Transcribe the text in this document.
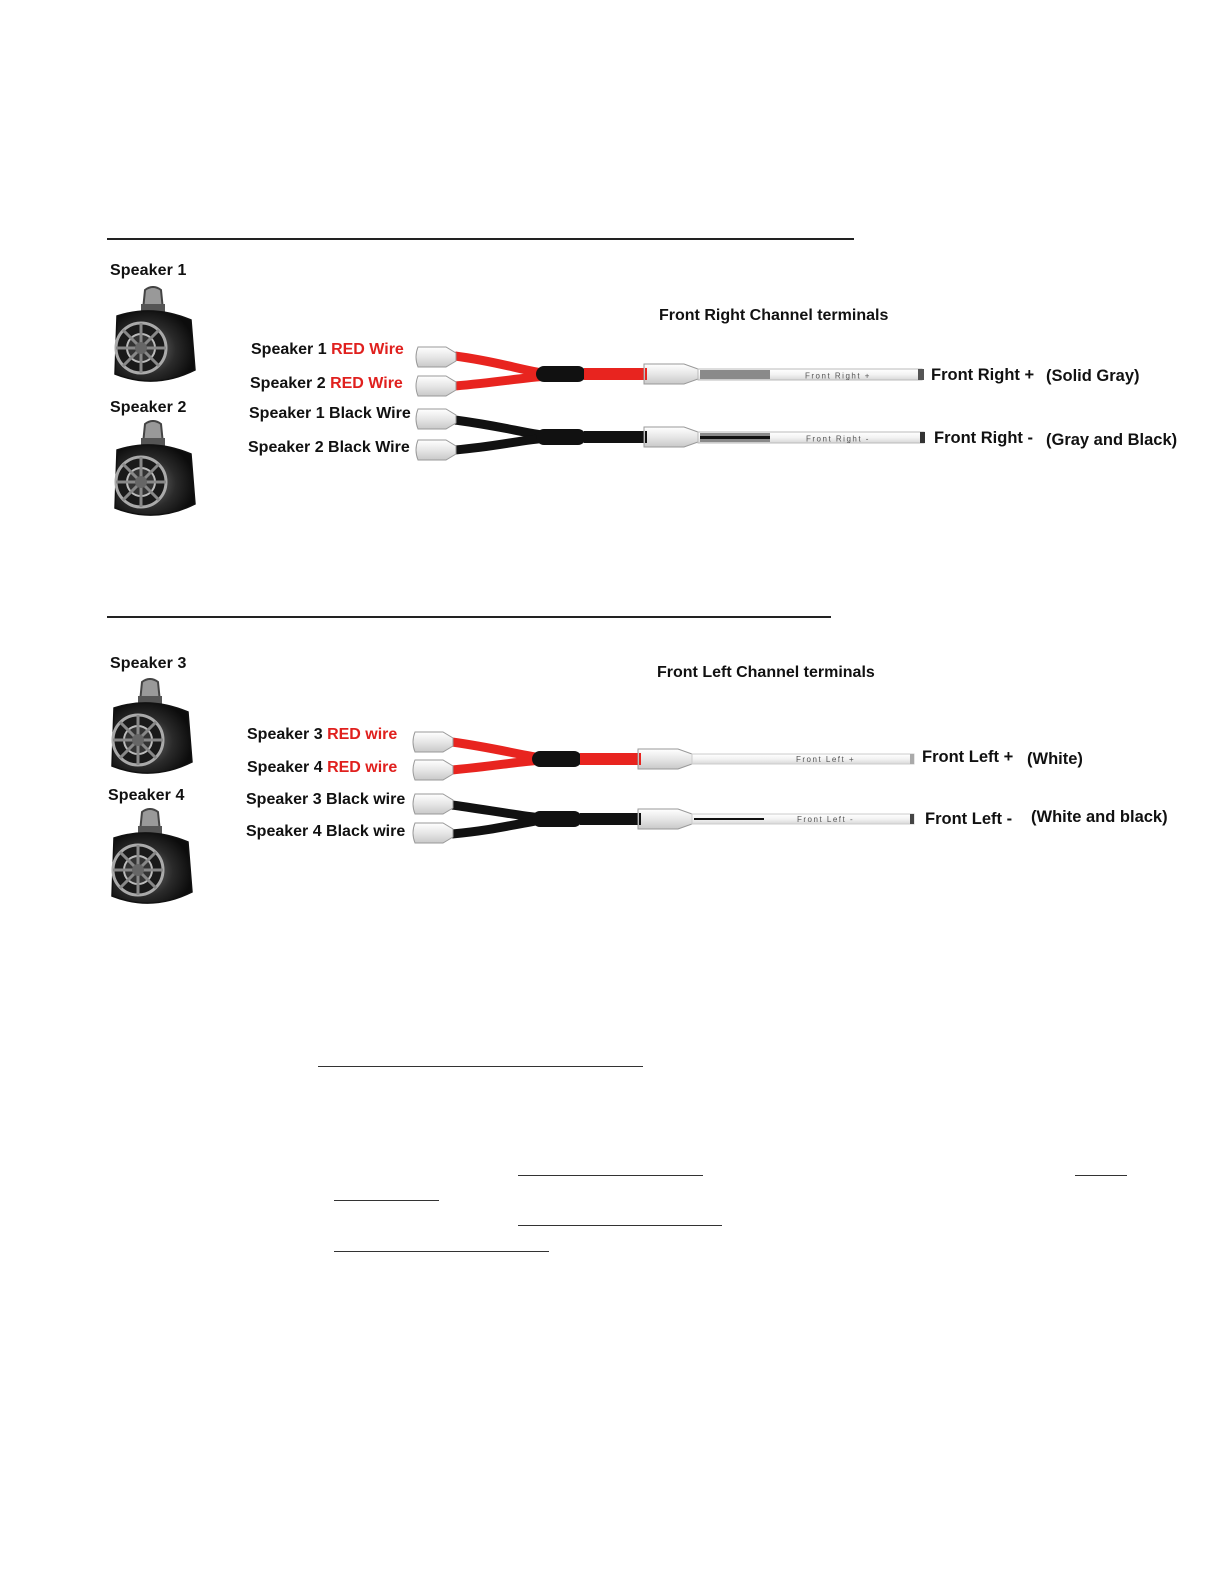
Speaker 1
Speaker 2
Front Right Channel terminals
Speaker 1 RED Wire
Speaker 2 RED Wire
Speaker 1 Black Wire
Speaker 2 Black Wire
Front Right + (Solid Gray)
Front Right - (Gray and Black)
Speaker 3
Speaker 4
Front Left Channel terminals
Speaker 3 RED wire
Speaker 4 RED wire
Speaker 3 Black wire
Speaker 4 Black wire
Front Left + (White)
Front Left - (White and black)
Front Right +
Front Right -
Front Left +
Front Left -
